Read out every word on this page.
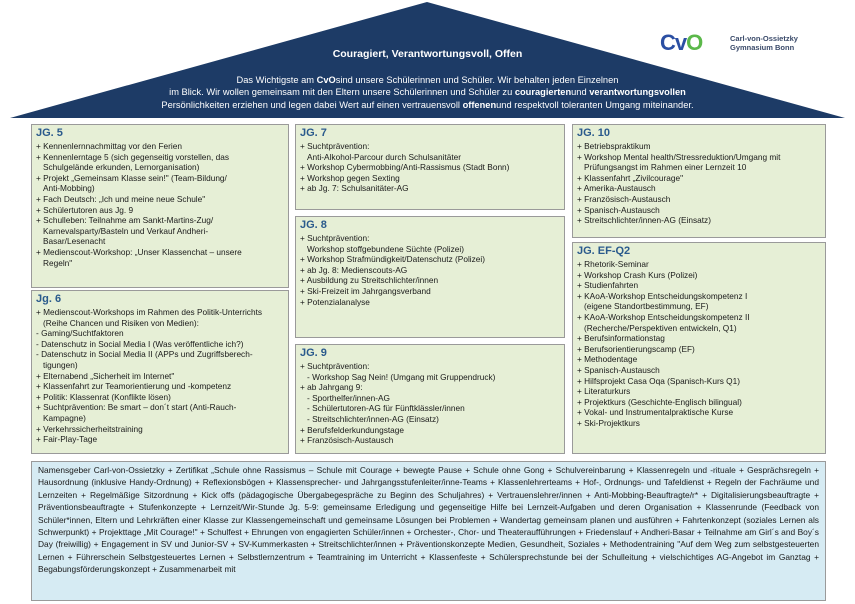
CvO	Carl-von-Ossietzky
Gymnasium Bonn
Couragiert, Verantwortungsvoll, Offen
Das Wichtigste am CvOsind unsere Schülerinnen und Schüler. Wir behalten jeden Einzelnen
im Blick. Wir wollen gemeinsam mit den Eltern unsere Schülerinnen und Schüler zu couragiertenund verantwortungsvollen
Persönlichkeiten erziehen und legen dabei Wert auf einen vertrauensvoll offenenund respektvoll toleranten Umgang miteinander.
JG. 5
+ Kennenlernnachmittag vor den Ferien
+ Kennenlerntage 5 (sich gegenseitig vorstellen, das
Schulgelände erkunden, Lernorganisation)
+ Projekt „Gemeinsam Klasse sein!" (Team-Bildung/
Anti-Mobbing)
+ Fach Deutsch: „Ich und meine neue Schule"
+ Schülertutoren aus Jg. 9
+ Schulleben: Teilnahme am Sankt-Martins-Zug/
Karnevalsparty/Basteln und Verkauf Andheri-
Basar/Lesenacht
+ Medienscout-Workshop: „Unser Klassenchat – unsere
Regeln"
Jg. 6
+ Medienscout-Workshops im Rahmen des Politik-Unterrichts
(Reihe Chancen und Risiken von Medien):
- Gaming/Suchtfaktoren
- Datenschutz in Social Media I (Was veröffentliche ich?)
- Datenschutz in Social Media II (APPs und Zugriffsberech-
tigungen)
+ Elternabend „Sicherheit im Internet"
+ Klassenfahrt zur Teamorientierung und -kompetenz
+ Politik: Klassenrat (Konflikte lösen)
+ Suchtprävention: Be smart – don´t start (Anti-Rauch-
Kampagne)
+ Verkehrssicherheitstraining
+ Fair-Play-Tage
JG. 7
+ Suchtprävention:
Anti-Alkohol-Parcour durch Schulsanitäter
+ Workshop Cybermobbing/Anti-Rassismus (Stadt Bonn)
+ Workshop gegen Sexting
+ ab Jg. 7: Schulsanitäter-AG
JG. 8
+ Suchtprävention:
Workshop stoffgebundene Süchte (Polizei)
+ Workshop Strafmündigkeit/Datenschutz (Polizei)
+ ab Jg. 8: Medienscouts-AG
+ Ausbildung zu Streitschlichter/innen
+ Ski-Freizeit im Jahrgangsverband
+ Potenzialanalyse
JG. 9
+ Suchtprävention:
- Workshop Sag Nein! (Umgang mit Gruppendruck)
+ ab Jahrgang 9:
- Sporthelfer/innen-AG
- Schülertutoren-AG für Fünftklässler/innen
- Streitschlichter/innen-AG (Einsatz)
+ Berufsfelderkundungstage
+ Französisch-Austausch
JG. 10
+ Betriebspraktikum
+ Workshop Mental health/Stressreduktion/Umgang mit
Prüfungsangst im Rahmen einer Lernzeit 10
+ Klassenfahrt „Zivilcourage"
+ Amerika-Austausch
+ Französisch-Austausch
+ Spanisch-Austausch
+ Streitschlichter/innen-AG (Einsatz)
JG. EF-Q2
+ Rhetorik-Seminar
+ Workshop Crash Kurs (Polizei)
+ Studienfahrten
+ KAoA-Workshop Entscheidungskompetenz I
(eigene Standortbestimmung, EF)
+ KAoA-Workshop Entscheidungskompetenz II
(Recherche/Perspektiven entwickeln, Q1)
+ Berufsinformationstag
+ Berufsorientierungscamp (EF)
+ Methodentage
+ Spanisch-Austausch
+ Hilfsprojekt Casa Oqa (Spanisch-Kurs Q1)
+ Literaturkurs
+ Projektkurs (Geschichte-Englisch bilingual)
+ Vokal- und Instrumentalpraktische Kurse
+ Ski-Projektkurs
Namensgeber Carl-von-Ossietzky + Zertifikat „Schule ohne Rassismus – Schule mit Courage + bewegte Pause + Schule ohne Gong + Schulvereinbarung + Klassenregeln und -rituale + Gesprächsregeln + Hausordnung (inklusive Handy-Ordnung) + Reflexionsbögen + Klassensprecher- und Jahrgangsstufenleiter/inne-Teams + Klassenlehrerteams + Hof-, Ordnungs- und Tafeldienst + Regeln der Fachräume und Lernzeiten + Regelmäßige Sitzordnung + Kick offs (pädagogische Übergabegespräche zu Beginn des Schuljahres) + Vertrauenslehrer/innen + Anti-Mobbing-Beauftragte/r* + Digitalisierungsbeauftragte + Präventionsbeauftragte + Stufenkonzepte + Lernzeit/Wir-Stunde Jg. 5-9: gemeinsame Erledigung und gegenseitige Hilfe bei Lernzeit-Aufgaben und deren Organisation + Klassenrunde (Feedback von Schüler*innen, Eltern und Lehrkräften einer Klasse zur Klassengemeinschaft und gemeinsame Lösungen bei Problemen + Wandertag gemeinsam planen und ausführen + Fahrtenkonzept (soziales Lernen als Schwerpunkt) + Projekttage „Mit Courage!" + Schulfest + Ehrungen von engagierten Schüler/innen + Orchester-, Chor- und Theateraufführungen + Friedenslauf + Andheri-Basar + Teilnahme am Girl´s and Boy´s Day (freiwillig) + Engagement in SV und Junior-SV + SV-Kummerkasten + Streitschlichter/innen + Präventionskonzepte Medien, Gesundheit, Soziales + Methodentraining "Auf dem Weg zum selbstgesteuerten Lernen + Führerschein Selbstgesteuertes Lernen + Selbstlernzentrum + Teamtraining im Unterricht + Klassenfeste + Schülersprechstunde bei der Schulleitung + vielschichtiges AG-Angebot im Ganztag + Begabungsförderungskonzept + Zusammenarbeit mit
